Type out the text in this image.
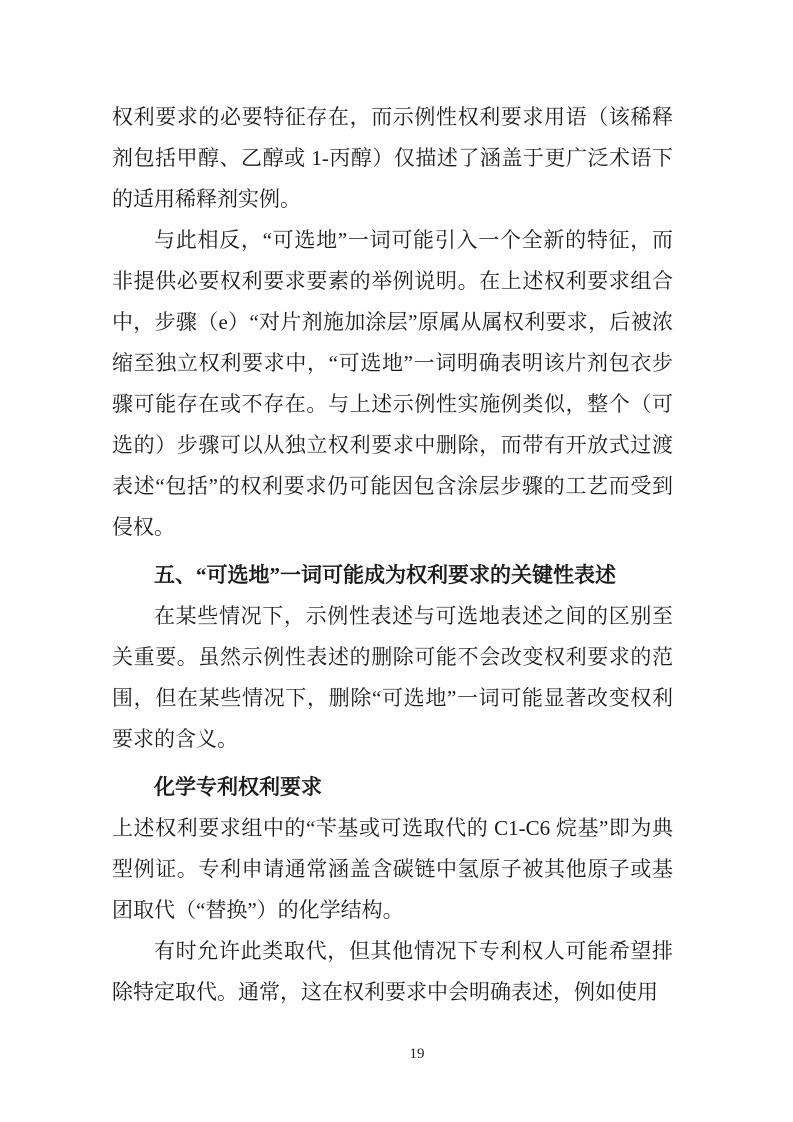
权利要求的必要特征存在，而示例性权利要求用语（该稀释剂包括甲醇、乙醇或 1-丙醇）仅描述了涵盖于更广泛术语下的适用稀释剂实例。

与此相反，“可选地”一词可能引入一个全新的特征，而非提供必要权利要求要素的举例说明。在上述权利要求组合中，步骤（e）“对片剂施加涂层”原属从属权利要求，后被浓缩至独立权利要求中，“可选地”一词明确表明该片剂包衣步骤可能存在或不存在。与上述示例性实施例类似，整个（可选的）步骤可以从独立权利要求中删除，而带有开放式过渡表述“包括”的权利要求仍可能因包含涂层步骤的工艺而受到侵权。

五、“可选地”一词可能成为权利要求的关键性表述

在某些情况下，示例性表述与可选地表述之间的区别至关重要。虽然示例性表述的删除可能不会改变权利要求的范围，但在某些情况下，删除“可选地”一词可能显著改变权利要求的含义。

化学专利权利要求

上述权利要求组中的“苄基或可选取代的 C1-C6 烷基”即为典型例证。专利申请通常涵盖含碳链中氢原子被其他原子或基团取代（“替换”）的化学结构。

有时允许此类取代，但其他情况下专利权人可能希望排除特定取代。通常，这在权利要求中会明确表述，例如使用

19
